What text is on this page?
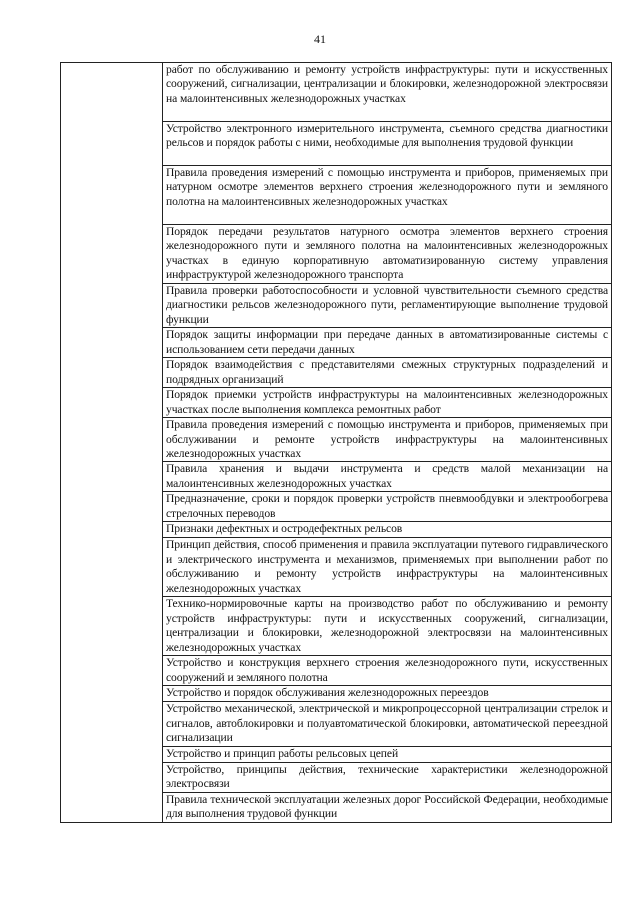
41

работ по обслуживанию и ремонту устройств инфраструктуры: пути и искусственных сооружений, сигнализации, централизации и блокировки, железнодорожной электросвязи на малоинтенсивных железнодорожных участках

Устройство электронного измерительного инструмента, съемного средства диагностики рельсов и порядок работы с ними, необходимые для выполнения трудовой функции

Правила проведения измерений с помощью инструмента и приборов, применяемых при натурном осмотре элементов верхнего строения железнодорожного пути и земляного полотна на малоинтенсивных железнодорожных участках

Порядок передачи результатов натурного осмотра элементов верхнего строения железнодорожного пути и земляного полотна на малоинтенсивных железнодорожных участках в единую корпоративную автоматизированную систему управления инфраструктурой железнодорожного транспорта

Правила проверки работоспособности и условной чувствительности съемного средства диагностики рельсов железнодорожного пути, регламентирующие выполнение трудовой функции

Порядок защиты информации при передаче данных в автоматизированные системы с использованием сети передачи данных

Порядок взаимодействия с представителями смежных структурных подразделений и подрядных организаций

Порядок приемки устройств инфраструктуры на малоинтенсивных железнодорожных участках после выполнения комплекса ремонтных работ

Правила проведения измерений с помощью инструмента и приборов, применяемых при обслуживании и ремонте устройств инфраструктуры на малоинтенсивных железнодорожных участках

Правила хранения и выдачи инструмента и средств малой механизации на малоинтенсивных железнодорожных участках

Предназначение, сроки и порядок проверки устройств пневмообдувки и электрообогрева стрелочных переводов

Признаки дефектных и остродефектных рельсов

Принцип действия, способ применения и правила эксплуатации путевого гидравлического и электрического инструмента и механизмов, применяемых при выполнении работ по обслуживанию и ремонту устройств инфраструктуры на малоинтенсивных железнодорожных участках

Технико-нормировочные карты на производство работ по обслуживанию и ремонту устройств инфраструктуры: пути и искусственных сооружений, сигнализации, централизации и блокировки, железнодорожной электросвязи на малоинтенсивных железнодорожных участках

Устройство и конструкция верхнего строения железнодорожного пути, искусственных сооружений и земляного полотна

Устройство и порядок обслуживания железнодорожных переездов

Устройство механической, электрической и микропроцессорной централизации стрелок и сигналов, автоблокировки и полуавтоматической блокировки, автоматической переездной сигнализации

Устройство и принцип работы рельсовых цепей

Устройство, принципы действия, технические характеристики железнодорожной электросвязи

Правила технической эксплуатации железных дорог Российской Федерации, необходимые для выполнения трудовой функции
